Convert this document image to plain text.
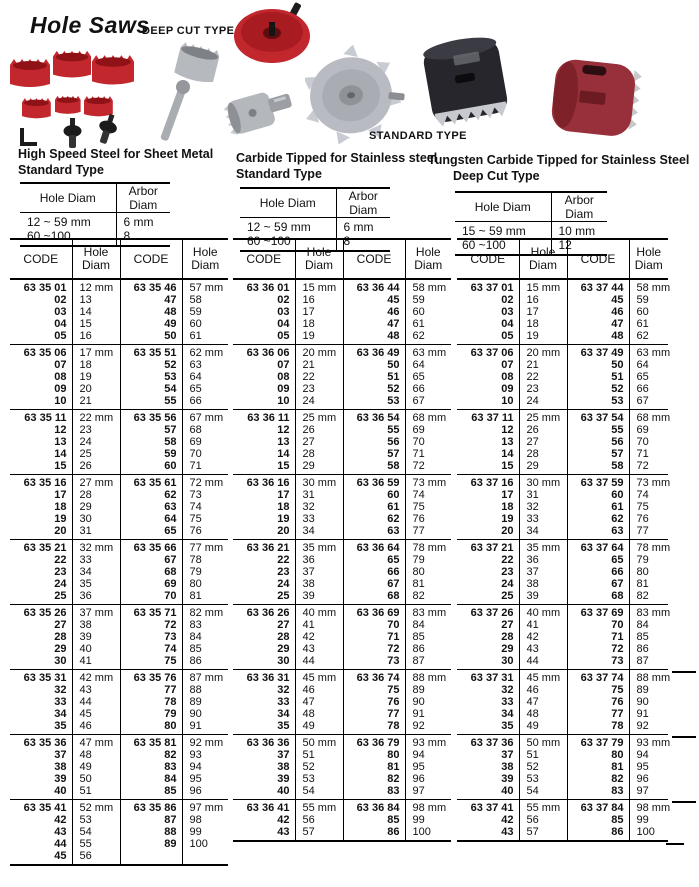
Hole Saws
DEEP CUT TYPE
STANDARD TYPE
High Speed Steel for Sheet Metal
Standard Type
Carbide Tipped for Stainless steel
Standard Type
Tungsten Carbide Tipped for Stainless Steel
Deep Cut Type
Hole Diam	Arbor Diam
12 ~ 59 mm	6 mm
60 ~100	8
Hole Diam	Arbor Diam
12 ~ 59 mm	6 mm
60 ~100	8
Hole Diam	Arbor Diam
15 ~ 59 mm	10 mm
60 ~100	12
CODE	Hole Diam	CODE	Hole Diam
63 35 01	12 mm	63 35 46	57 mm
02	13	47	58
03	14	48	59
04	15	49	60
05	16	50	61
63 35 06	17 mm	63 35 51	62 mm
07	18	52	63
08	19	53	64
09	20	54	65
10	21	55	66
63 35 11	22 mm	63 35 56	67 mm
12	23	57	68
13	24	58	69
14	25	59	70
15	26	60	71
63 35 16	27 mm	63 35 61	72 mm
17	28	62	73
18	29	63	74
19	30	64	75
20	31	65	76
63 35 21	32 mm	63 35 66	77 mm
22	33	67	78
23	34	68	79
24	35	69	80
25	36	70	81
63 35 26	37 mm	63 35 71	82 mm
27	38	72	83
28	39	73	84
29	40	74	85
30	41	75	86
63 35 31	42 mm	63 35 76	87 mm
32	43	77	88
33	44	78	89
34	45	79	90
35	46	80	91
63 35 36	47 mm	63 35 81	92 mm
37	48	82	93
38	49	83	94
39	50	84	95
40	51	85	96
63 35 41	52 mm	63 35 86	97 mm
42	53	87	98
43	54	88	99
44	55	89	100
45	56		
CODE	Hole Diam	CODE	Hole Diam
63 36 01	15 mm	63 36 44	58 mm
02	16	45	59
03	17	46	60
04	18	47	61
05	19	48	62
63 36 06	20 mm	63 36 49	63 mm
07	21	50	64
08	22	51	65
09	23	52	66
10	24	53	67
63 36 11	25 mm	63 36 54	68 mm
12	26	55	69
13	27	56	70
14	28	57	71
15	29	58	72
63 36 16	30 mm	63 36 59	73 mm
17	31	60	74
18	32	61	75
19	33	62	76
20	34	63	77
63 36 21	35 mm	63 36 64	78 mm
22	36	65	79
23	37	66	80
24	38	67	81
25	39	68	82
63 36 26	40 mm	63 36 69	83 mm
27	41	70	84
28	42	71	85
29	43	72	86
30	44	73	87
63 36 31	45 mm	63 36 74	88 mm
32	46	75	89
33	47	76	90
34	48	77	91
35	49	78	92
63 36 36	50 mm	63 36 79	93 mm
37	51	80	94
38	52	81	95
39	53	82	96
40	54	83	97
63 36 41	55 mm	63 36 84	98 mm
42	56	85	99
43	57	86	100
CODE	Hole Diam	CODE	Hole Diam
63 37 01	15 mm	63 37 44	58 mm
02	16	45	59
03	17	46	60
04	18	47	61
05	19	48	62
63 37 06	20 mm	63 37 49	63 mm
07	21	50	64
08	22	51	65
09	23	52	66
10	24	53	67
63 37 11	25 mm	63 37 54	68 mm
12	26	55	69
13	27	56	70
14	28	57	71
15	29	58	72
63 37 16	30 mm	63 37 59	73 mm
17	31	60	74
18	32	61	75
19	33	62	76
20	34	63	77
63 37 21	35 mm	63 37 64	78 mm
22	36	65	79
23	37	66	80
24	38	67	81
25	39	68	82
63 37 26	40 mm	63 37 69	83 mm
27	41	70	84
28	42	71	85
29	43	72	86
30	44	73	87
63 37 31	45 mm	63 37 74	88 mm
32	46	75	89
33	47	76	90
34	48	77	91
35	49	78	92
63 37 36	50 mm	63 37 79	93 mm
37	51	80	94
38	52	81	95
39	53	82	96
40	54	83	97
63 37 41	55 mm	63 37 84	98 mm
42	56	85	99
43	57	86	100
